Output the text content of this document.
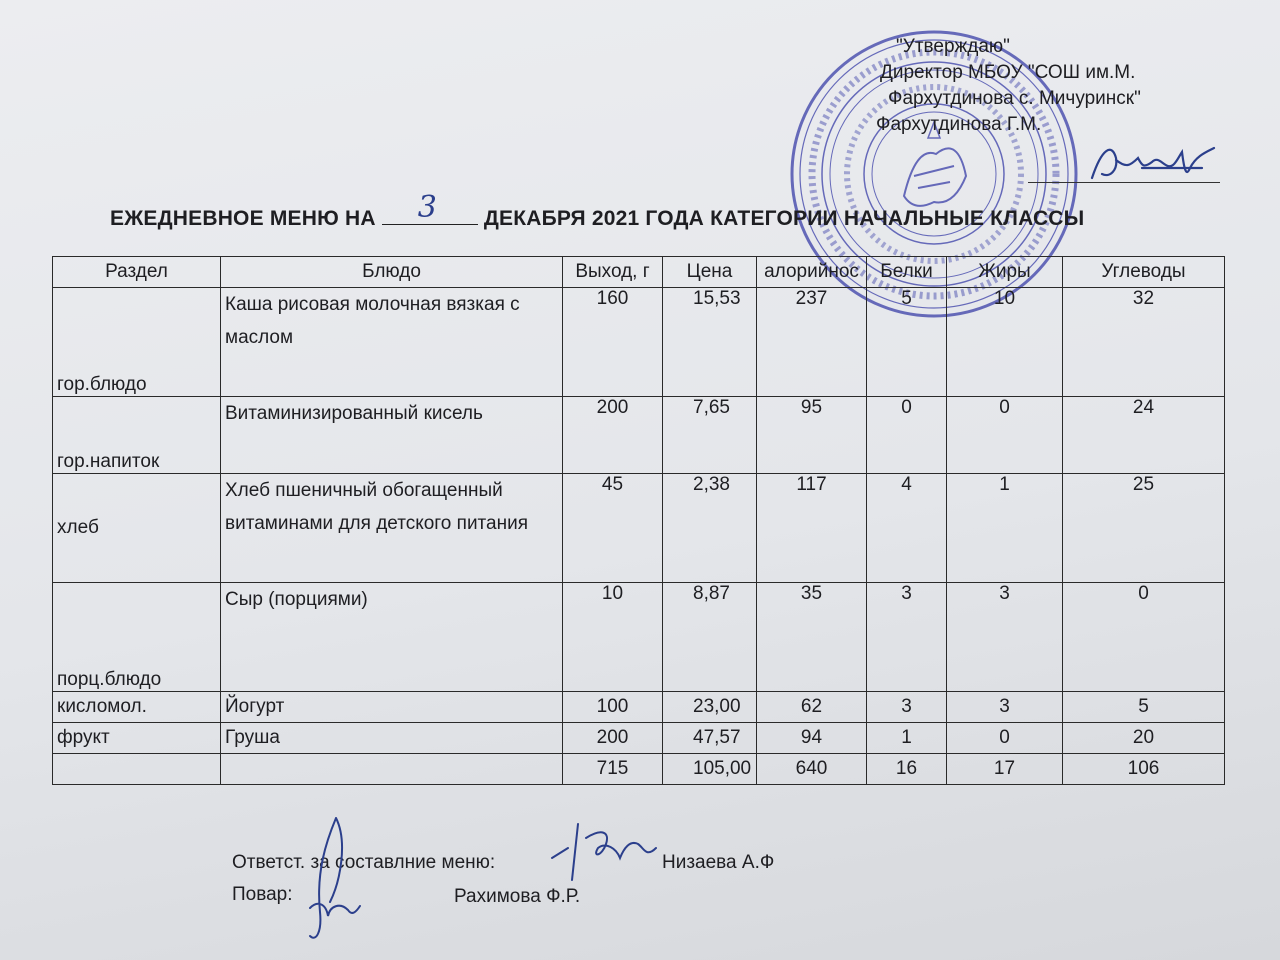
"Утверждаю"
Директор МБОУ "СОШ им.М.
Фархутдинова с. Мичуринск"
Фархутдинова Г.М.
ЕЖЕДНЕВНОЕ МЕНЮ НА 3 ДЕКАБРЯ 2021 ГОДА КАТЕГОРИИ НАЧАЛЬНЫЕ КЛАССЫ
Раздел	Блюдо	Выход, г	Цена	алорийнос	Белки	Жиры	Углеводы
гор.блюдо	Каша рисовая молочная вязкая с маслом	160	15,53	237	5	10	32
гор.напиток	Витаминизированный кисель	200	7,65	95	0	0	24
хлеб	Хлеб пшеничный обогащенный витаминами для детского питания	45	2,38	117	4	1	25
порц.блюдо	Сыр (порциями)	10	8,87	35	3	3	0
кисломол.	Йогурт	100	23,00	62	3	3	5
фрукт	Груша	200	47,57	94	1	0	20
		715	105,00	640	16	17	106
Ответст. за составлние меню:	Низаева А.Ф
Повар:	Рахимова Ф.Р.
